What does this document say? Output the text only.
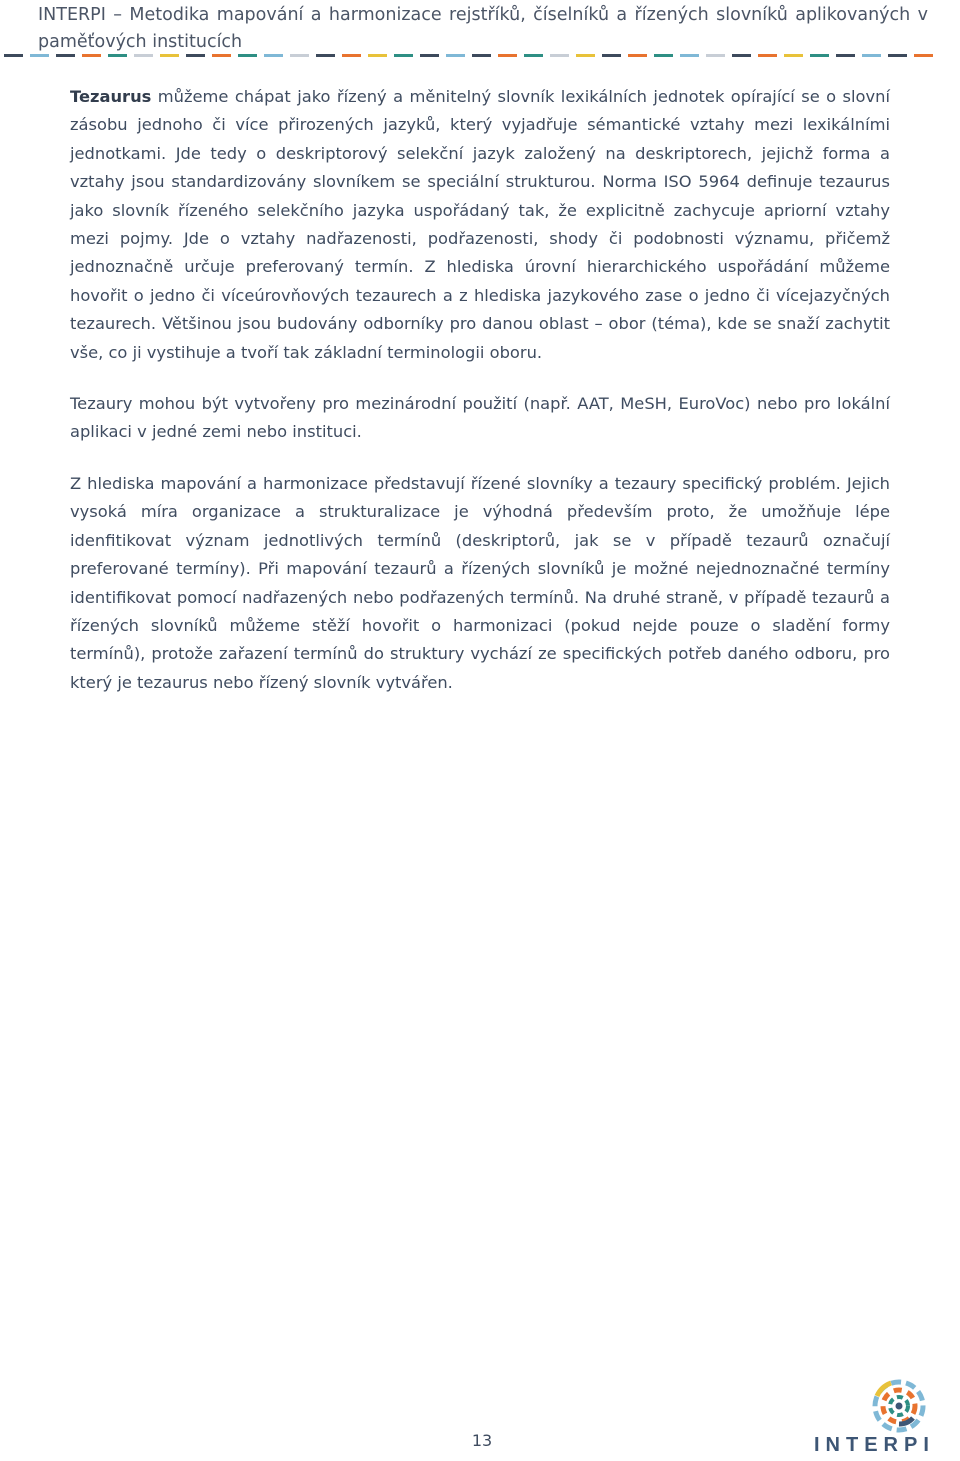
INTERPI – Metodika mapování a harmonizace rejstříků, číselníků a řízených slovníků aplikovaných v paměťových institucích

Tezaurus můžeme chápat jako řízený a měnitelný slovník lexikálních jednotek opírající se o slovní zásobu jednoho či více přirozených jazyků, který vyjadřuje sémantické vztahy mezi lexikálními jednotkami. Jde tedy o deskriptorový selekční jazyk založený na deskriptorech, jejichž forma a vztahy jsou standardizovány slovníkem se speciální strukturou. Norma ISO 5964 definuje tezaurus jako slovník řízeného selekčního jazyka uspořádaný tak, že explicitně zachycuje apriorní vztahy mezi pojmy. Jde o vztahy nadřazenosti, podřazenosti, shody či podobnosti významu, přičemž jednoznačně určuje preferovaný termín. Z hlediska úrovní hierarchického uspořádání můžeme hovořit o jedno či víceúrovňových tezaurech a z hlediska jazykového zase o jedno či vícejazyčných tezaurech. Většinou jsou budovány odborníky pro danou oblast – obor (téma), kde se snaží zachytit vše, co ji vystihuje a tvoří tak základní terminologii oboru.

Tezaury mohou být vytvořeny pro mezinárodní použití (např. AAT, MeSH, EuroVoc) nebo pro lokální aplikaci v jedné zemi nebo instituci.

Z hlediska mapování a harmonizace představují řízené slovníky a tezaury specifický problém. Jejich vysoká míra organizace a strukturalizace je výhodná především proto, že umožňuje lépe idenfitikovat význam jednotlivých termínů (deskriptorů, jak se v případě tezaurů označují preferované termíny). Při mapování tezaurů a řízených slovníků je možné nejednoznačné termíny identifikovat pomocí nadřazených nebo podřazených termínů. Na druhé straně, v případě tezaurů a řízených slovníků můžeme stěží hovořit o harmonizaci (pokud nejde pouze o sladění formy termínů), protože zařazení termínů do struktury vychází ze specifických potřeb daného odboru, pro který je tezaurus nebo řízený slovník vytvářen.

13	INTERPI
